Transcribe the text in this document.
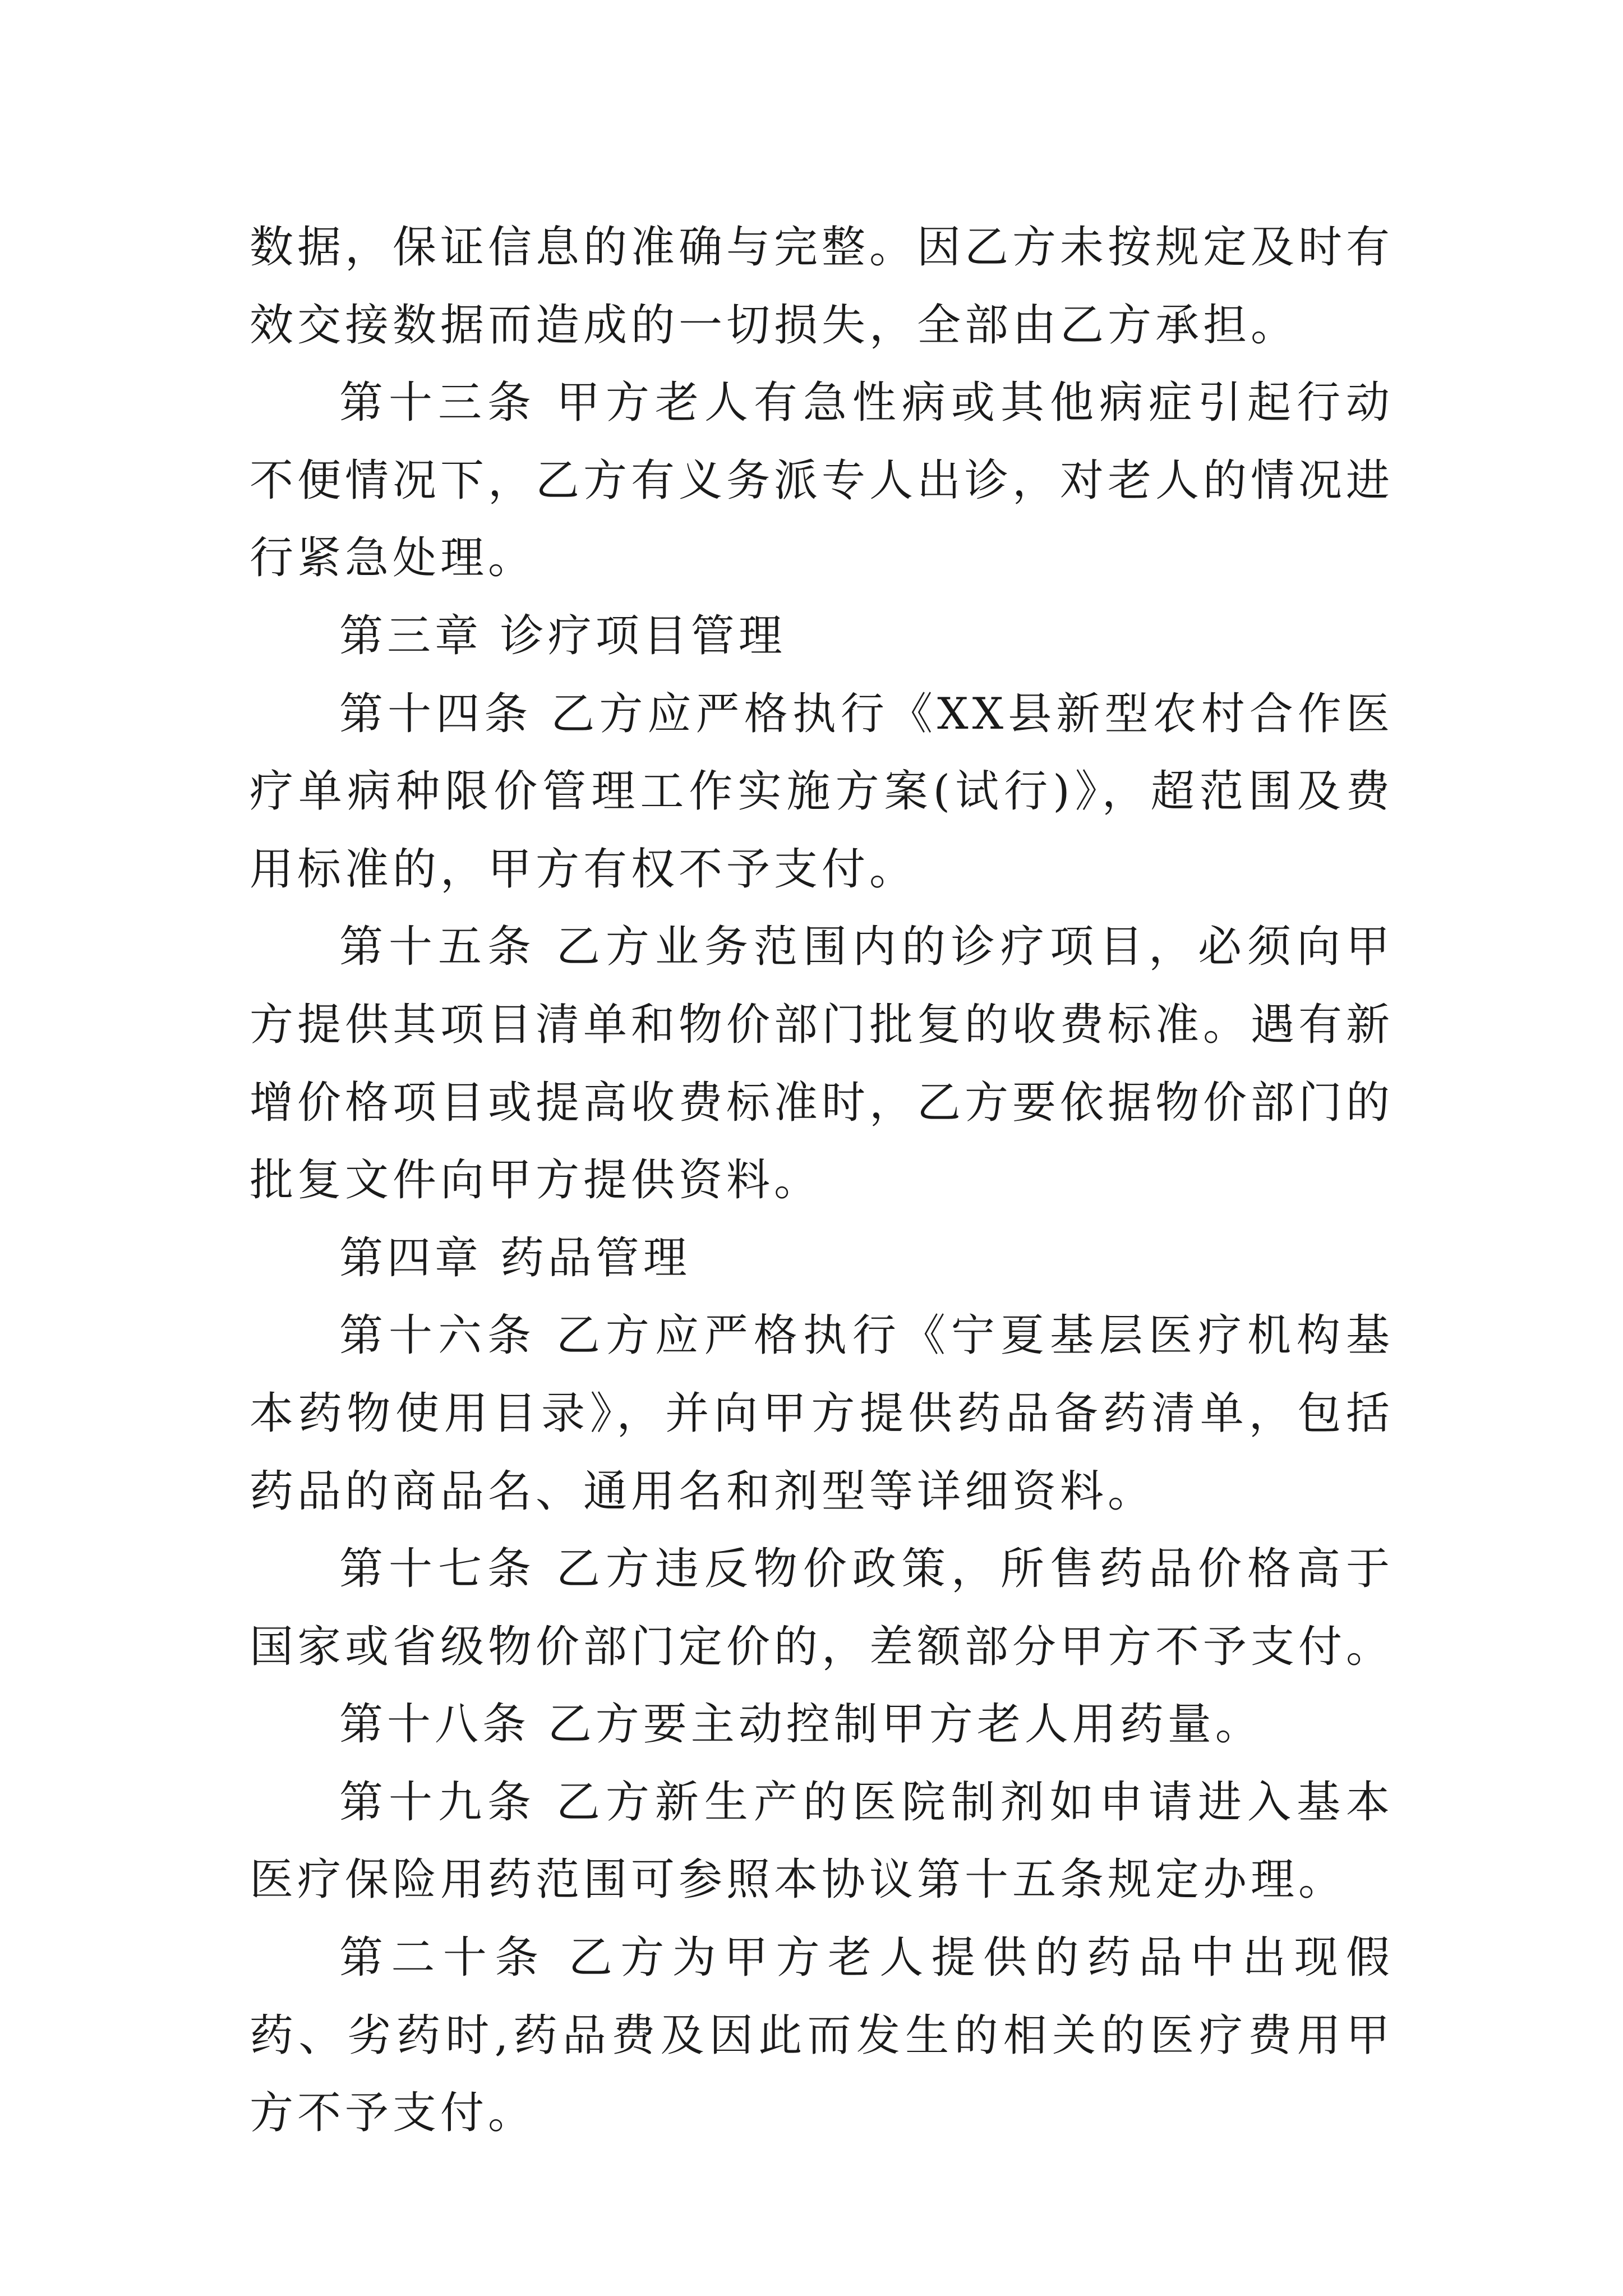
数据，保证信息的准确与完整。因乙方未按规定及时有效交接数据而造成的一切损失，全部由乙方承担。

第十三条 甲方老人有急性病或其他病症引起行动不便情况下，乙方有义务派专人出诊，对老人的情况进行紧急处理。

第三章 诊疗项目管理

第十四条 乙方应严格执行《XX县新型农村合作医疗单病种限价管理工作实施方案(试行)》，超范围及费用标准的，甲方有权不予支付。

第十五条 乙方业务范围内的诊疗项目，必须向甲方提供其项目清单和物价部门批复的收费标准。遇有新增价格项目或提高收费标准时，乙方要依据物价部门的批复文件向甲方提供资料。

第四章 药品管理

第十六条 乙方应严格执行《宁夏基层医疗机构基本药物使用目录》，并向甲方提供药品备药清单，包括药品的商品名、通用名和剂型等详细资料。

第十七条 乙方违反物价政策，所售药品价格高于国家或省级物价部门定价的，差额部分甲方不予支付。

第十八条 乙方要主动控制甲方老人用药量。

第十九条 乙方新生产的医院制剂如申请进入基本医疗保险用药范围可参照本协议第十五条规定办理。

第二十条 乙方为甲方老人提供的药品中出现假药、劣药时,药品费及因此而发生的相关的医疗费用甲方不予支付。
